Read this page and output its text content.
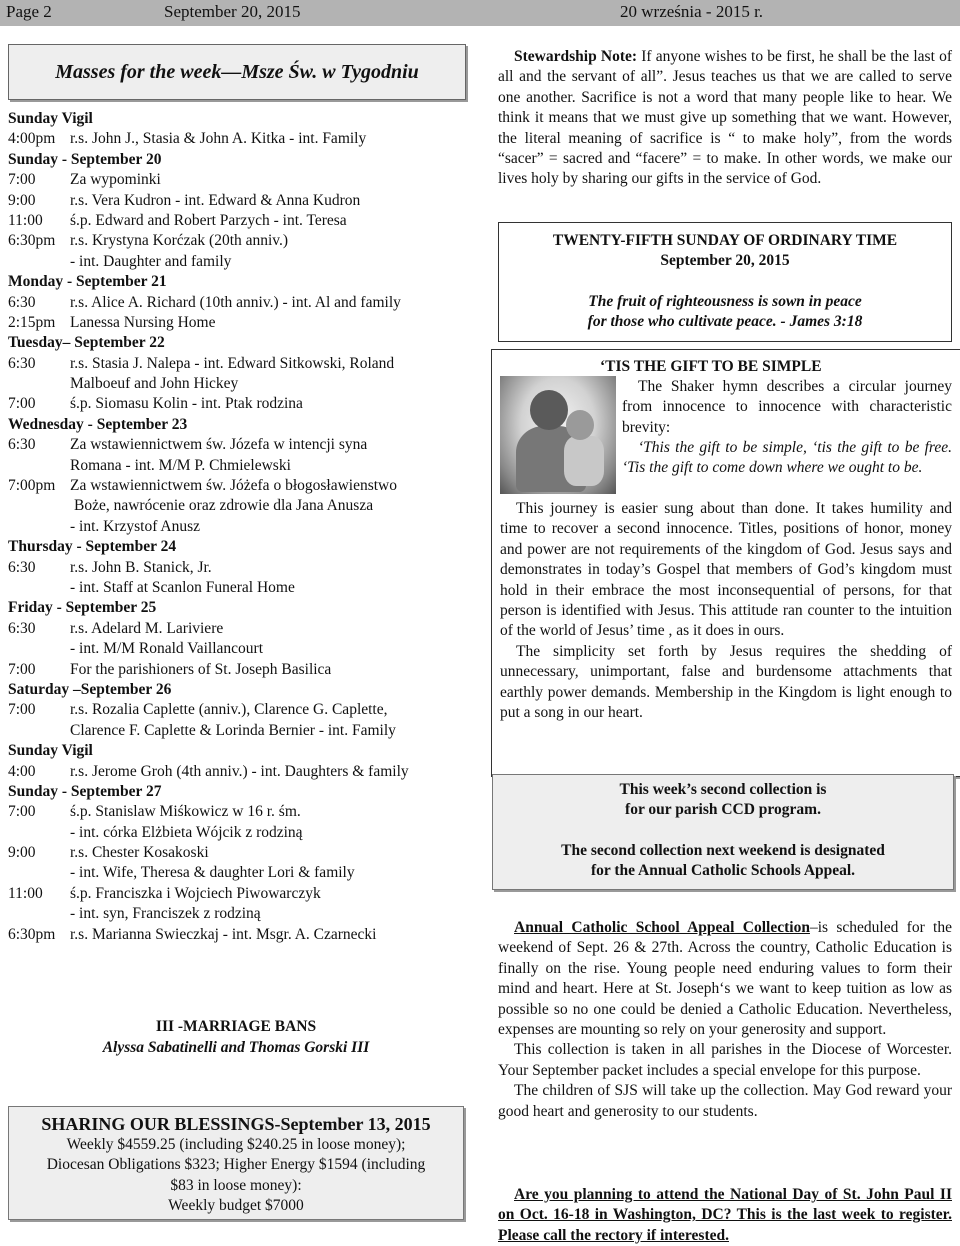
Page 2	September 20, 2015	20 września - 2015 r.
Masses for the week—Msze Św. w Tygodniu
Sunday Vigil
4:00pm r.s. John J., Stasia & John A. Kitka - int. Family
Sunday - September 20
7:00 Za wypominki
9:00 r.s. Vera Kudron - int. Edward & Anna Kudron
11:00 ś.p. Edward and Robert Parzych - int. Teresa
6:30pm r.s. Krystyna Korćzak (20th anniv.)
- int. Daughter and family
Monday - September 21
6:30 r.s. Alice A. Richard (10th anniv.) - int. Al and family
2:15pm Lanessa Nursing Home
Tuesday– September 22
6:30 r.s. Stasia J. Nalepa - int. Edward Sitkowski, Roland
Malboeuf and John Hickey
7:00 ś.p. Siomasu Kolin - int. Ptak rodzina
Wednesday - September 23
6:30 Za wstawiennictwem św. Józefa w intencji syna
Romana - int. M/M P. Chmielewski
7:00pm Za wstawiennictwem św. Jóżefa o błogosławienstwo
Boże, nawrócenie oraz zdrowie dla Jana Anusza
- int. Krzystof Anusz
Thursday - September 24
6:30 r.s. John B. Stanick, Jr.
- int. Staff at Scanlon Funeral Home
Friday - September 25
6:30 r.s. Adelard M. Lariviere
- int. M/M Ronald Vaillancourt
7:00 For the parishioners of St. Joseph Basilica
Saturday –September 26
7:00 r.s. Rozalia Caplette (anniv.), Clarence G. Caplette,
Clarence F. Caplette & Lorinda Bernier - int. Family
Sunday Vigil
4:00 r.s. Jerome Groh (4th anniv.) - int. Daughters & family
Sunday - September 27
7:00 ś.p. Stanislaw Miśkowicz w 16 r. śm.
- int. córka Elżbieta Wójcik z rodziną
9:00 r.s. Chester Kosakoski
- int. Wife, Theresa & daughter Lori & family
11:00 ś.p. Franciszka i Wojciech Piwowarczyk
- int. syn, Franciszek z rodziną
6:30pm r.s. Marianna Swieczkaj - int. Msgr. A. Czarnecki
III -MARRIAGE BANS
Alyssa Sabatinelli and Thomas Gorski III
SHARING OUR BLESSINGS-September 13, 2015
Weekly $4559.25 (including $240.25 in loose money);
Diocesan Obligations $323; Higher Energy $1594 (including
$83 in loose money):
Weekly budget $7000

Stewardship Note: If anyone wishes to be first, he shall be the last of all and the servant of all”. Jesus teaches us that we are called to serve one another. Sacrifice is not a word that many people like to hear. We think it means that we must give up something that we want. However, the literal meaning of sacrifice is “ to make holy”, from the words “sacer” = sacred and “facere” = to make. In other words, we make our lives holy by sharing our gifts in the service of God.

TWENTY-FIFTH SUNDAY OF ORDINARY TIME
September 20, 2015
The fruit of righteousness is sown in peace
for those who cultivate peace. - James 3:18
‘TIS THE GIFT TO BE SIMPLE
The Shaker hymn describes a circular journey from innocence to innocence with characteristic brevity:
‘This the gift to be simple, ‘tis the gift to be free. ‘Tis the gift to come down where we ought to be.

This journey is easier sung about than done. It takes humility and time to recover a second innocence. Titles, positions of honor, money and power are not requirements of the kingdom of God. Jesus says and demonstrates in today’s Gospel that members of God’s kingdom must hold in their embrace the most inconsequential of persons, for that person is identified with Jesus. This attitude ran counter to the intuition of the world of Jesus’ time , as it does in ours.

The simplicity set forth by Jesus requires the shedding of unnecessary, unimportant, false and burdensome attachments that earthly power demands. Membership in the Kingdom is light enough to put a song in our heart.

This week’s second collection is
for our parish CCD program.
The second collection next weekend is designated
for the Annual Catholic Schools Appeal.

Annual Catholic School Appeal Collection–is scheduled for the weekend of Sept. 26 & 27th. Across the country, Catholic Education is finally on the rise. Young people need enduring values to form their mind and heart. Here at St. Joseph‘s we want to keep tuition as low as possible so no one could be denied a Catholic Education. Nevertheless, expenses are mounting so rely on your generosity and support.

This collection is taken in all parishes in the Diocese of Worcester. Your September packet includes a special envelope for this purpose.

The children of SJS will take up the collection. May God reward your good heart and generosity to our students.

Are you planning to attend the National Day of St. John Paul II on Oct. 16-18 in Washington, DC? This is the last week to register. Please call the rectory if interested.
